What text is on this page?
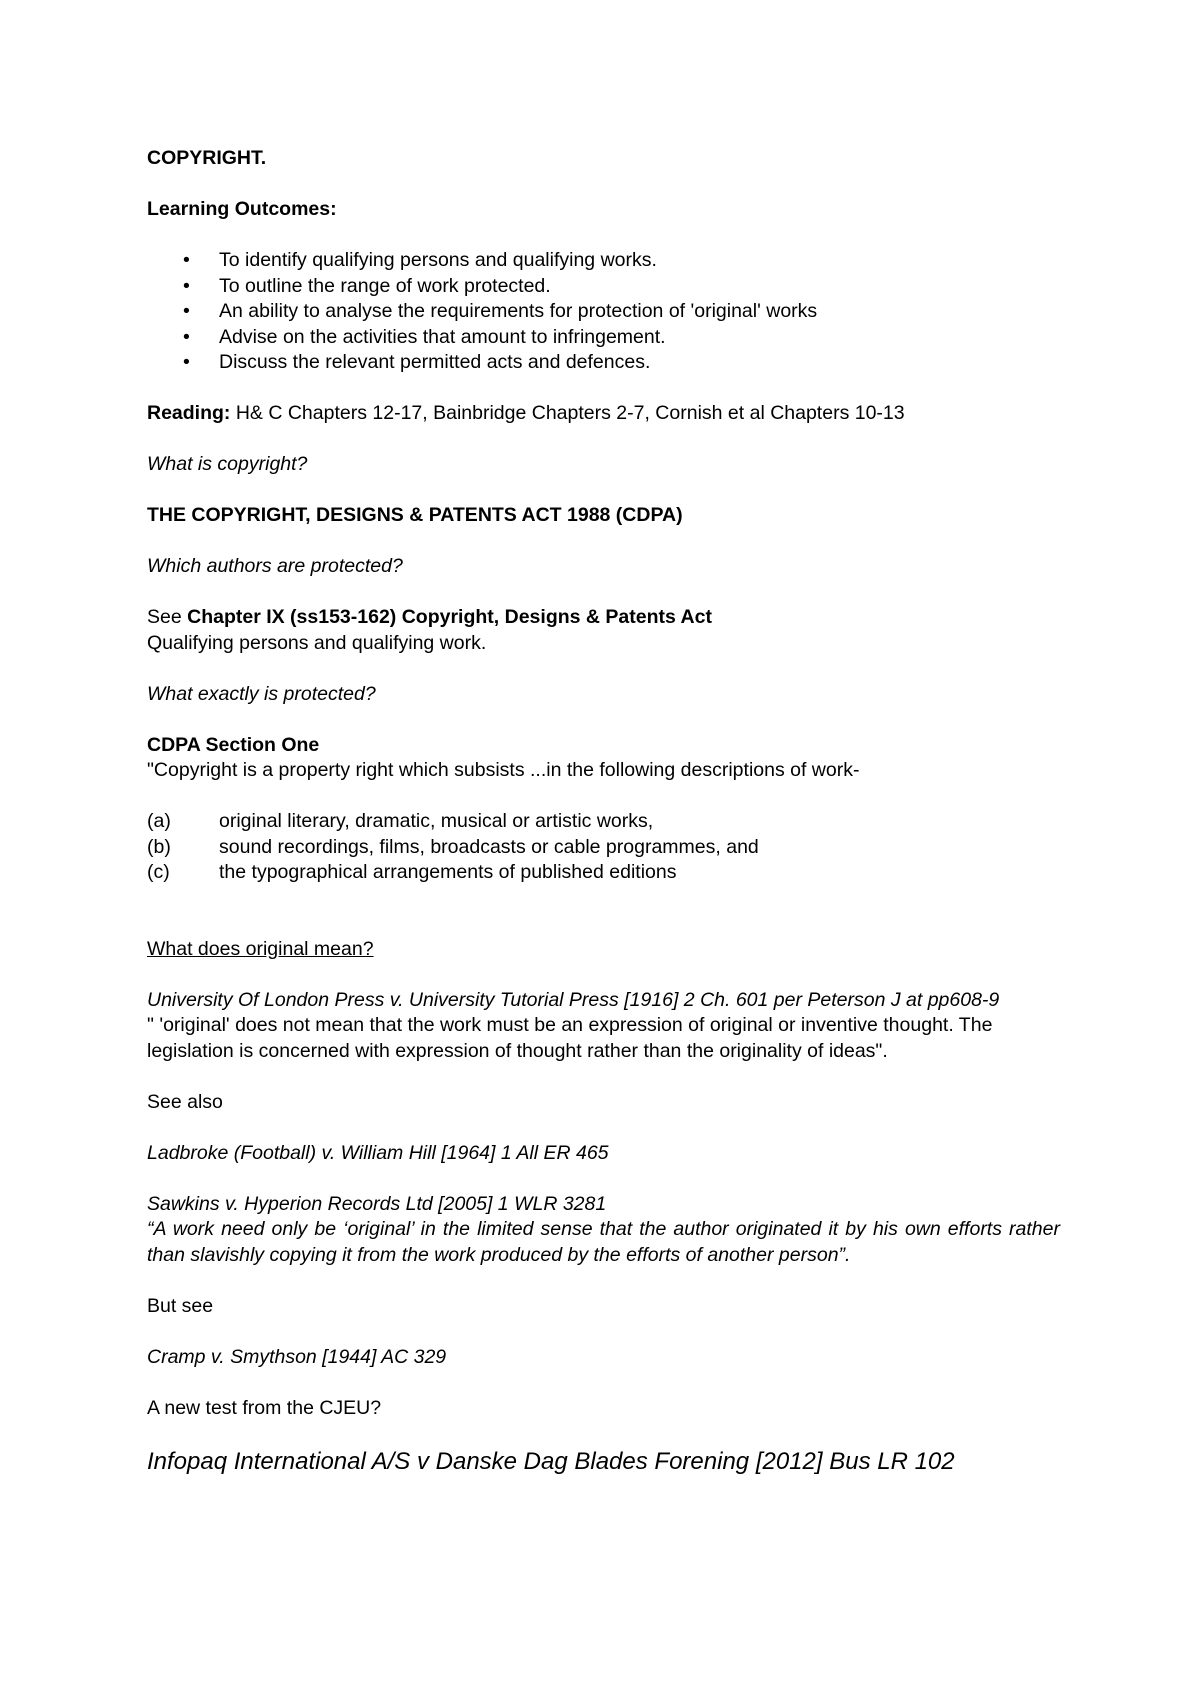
COPYRIGHT.

Learning Outcomes:

• To identify qualifying persons and qualifying works.
• To outline the range of work protected.
• An ability to analyse the requirements for protection of 'original' works
• Advise on the activities that amount to infringement.
• Discuss the relevant permitted acts and defences.

Reading: H& C Chapters 12-17, Bainbridge Chapters 2-7, Cornish et al Chapters 10-13

What is copyright?

THE COPYRIGHT, DESIGNS & PATENTS ACT 1988 (CDPA)

Which authors are protected?

See Chapter IX (ss153-162) Copyright, Designs & Patents Act

Qualifying persons and qualifying work.

What exactly is protected?

CDPA Section One

"Copyright is a property right which subsists ...in the following descriptions of work-

(a)	original literary, dramatic, musical or artistic works,
(b)	sound recordings, films, broadcasts or cable programmes, and
(c)	the typographical arrangements of published editions

What does original mean?

University Of London Press v. University Tutorial Press [1916] 2 Ch. 601 per Peterson J at pp608-9

" 'original' does not mean that the work must be an expression of original or inventive thought. The legislation is concerned with expression of thought rather than the originality of ideas".

See also

Ladbroke (Football) v. William Hill [1964] 1 All ER 465

Sawkins v. Hyperion Records Ltd [2005] 1 WLR 3281

“A work need only be ‘original’ in the limited sense that the author originated it by his own efforts rather than slavishly copying it from the work produced by the efforts of another person”.

But see

Cramp v. Smythson [1944] AC 329

A new test from the CJEU?

Infopaq International A/S v Danske Dag Blades Forening [2012] Bus LR 102
